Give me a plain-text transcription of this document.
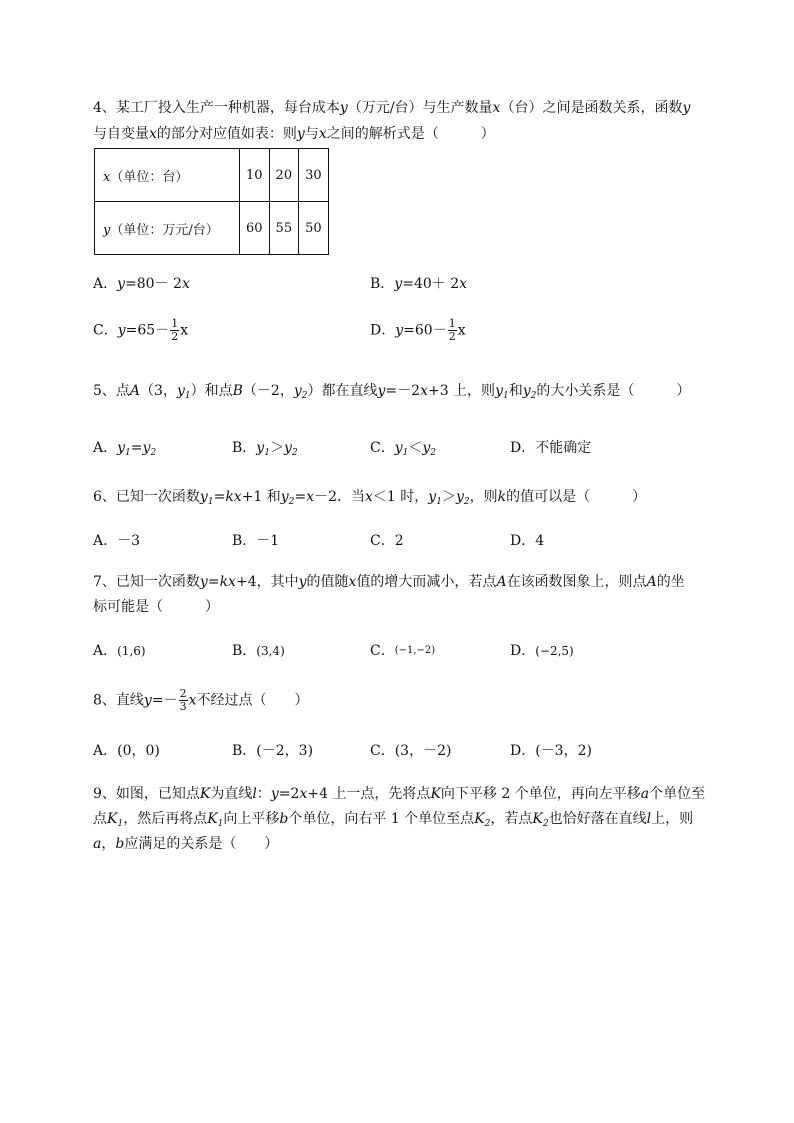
4、某工厂投入生产一种机器，每台成本y（万元/台）与生产数量x（台）之间是函数关系，函数y
与自变量x的部分对应值如表：则y与x之间的解析式是（　　　）
x（单位：台）	10	20	30
y（单位：万元/台）	60	55	50
A．y=80－ 2x	B．y=40＋ 2x
C．$y=65- \frac{1}{2}$ x	D．$y=60- \frac{1}{2}$ x
5、点A（3，$y_1$）和点B（－2，$y_2$）都在直线y=－2x+3 上，则$y_1$和$y_2$的大小关系是（　　　）
A．$y_1=y_2$	B．$y_1>y_2$	C．$y_1<y_2$	D．不能确定
6、已知一次函数$y_1=kx+1$ 和$y_2=x-2$．当x＜1 时，$y_1>y_2$，则k的值可以是（　　　）
A．－3	B．－1	C．2	D．4
7、已知一次函数y=kx+4，其中y的值随x值的增大而减小，若点A在该函数图象上，则点A的坐
标可能是（　　　）
A．(1,6)	B．(3,4)	C．(−1,−2)	D．(−2,5)
8、直线$y=- \frac{2}{3}$ x不经过点（　　）
A．(0，0)	B．(－2，3)	C．(3，－2)	D．(－3，2)
9、如图，已知点K为直线l：y=2x+4 上一点，先将点K向下平移 2 个单位，再向左平移a个单位至
点$K_1$，然后再将点$K_1$向上平移b个单位，向右平 1 个单位至点$K_2$，若点$K_2$也恰好落在直线l上，则
a，b应满足的关系是（　　）
